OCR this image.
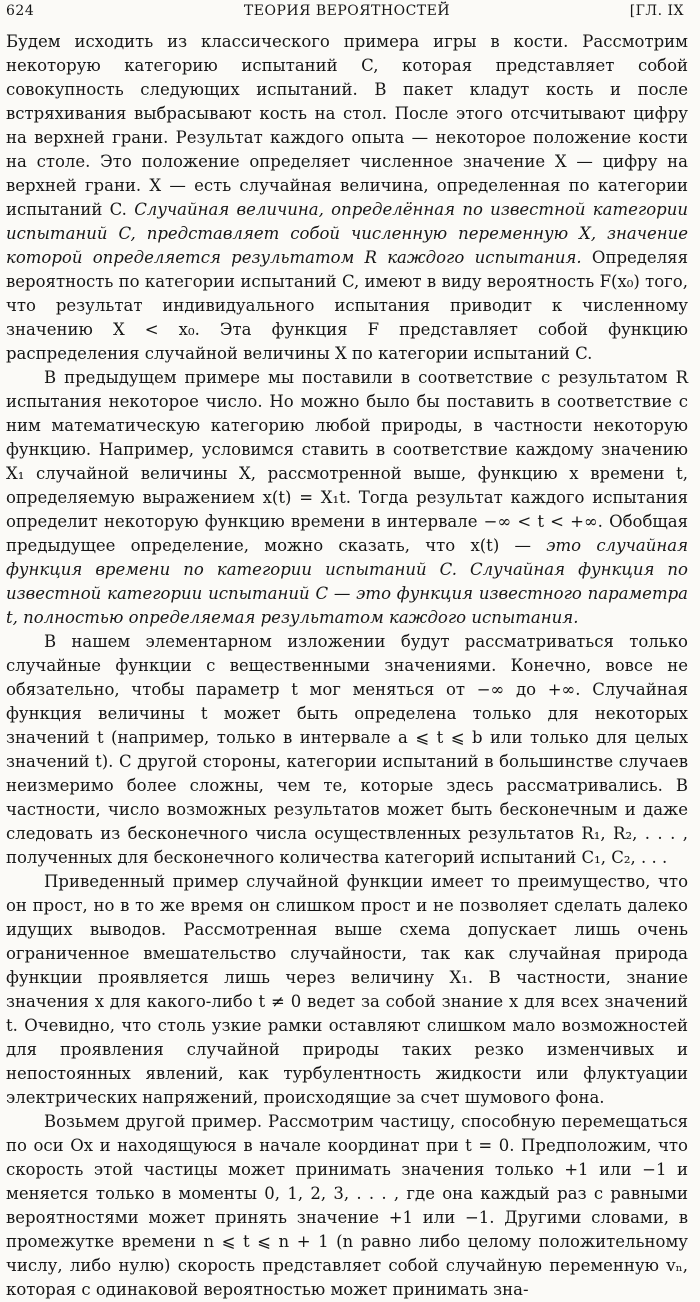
624	ТЕОРИЯ ВЕРОЯТНОСТЕЙ	[ГЛ. IX

Будем исходить из классического примера игры в кости. Рассмотрим некоторую категорию испытаний C, которая представляет собой совокупность следующих испытаний. В пакет кладут кость и после встряхивания выбрасывают кость на стол. После этого отсчитывают цифру на верхней грани. Результат каждого опыта — некоторое положение кости на столе. Это положение определяет численное значение X — цифру на верхней грани. X — есть случайная величина, определенная по категории испытаний C. Случайная величина, определённая по известной категории испытаний C, представляет собой численную переменную X, значение которой определяется результатом R каждого испытания. Определяя вероятность по категории испытаний C, имеют в виду вероятность F(x₀) того, что результат индивидуального испытания приводит к численному значению X < x₀. Эта функция F представляет собой функцию распределения случайной величины X по категории испытаний C.

В предыдущем примере мы поставили в соответствие с результатом R испытания некоторое число. Но можно было бы поставить в соответствие с ним математическую категорию любой природы, в частности некоторую функцию. Например, условимся ставить в соответствие каждому значению X₁ случайной величины X, рассмотренной выше, функцию x времени t, определяемую выражением x(t) = X₁t. Тогда результат каждого испытания определит некоторую функцию времени в интервале −∞ < t < +∞. Обобщая предыдущее определение, можно сказать, что x(t) — это случайная функция времени по категории испытаний C. Случайная функция по известной категории испытаний C — это функция известного параметра t, полностью определяемая результатом каждого испытания.

В нашем элементарном изложении будут рассматриваться только случайные функции с вещественными значениями. Конечно, вовсе не обязательно, чтобы параметр t мог меняться от −∞ до +∞. Случайная функция величины t может быть определена только для некоторых значений t (например, только в интервале a ⩽ t ⩽ b или только для целых значений t). С другой стороны, категории испытаний в большинстве случаев неизмеримо более сложны, чем те, которые здесь рассматривались. В частности, число возможных результатов может быть бесконечным и даже следовать из бесконечного числа осуществленных результатов R₁, R₂, . . . , полученных для бесконечного количества категорий испытаний C₁, C₂, . . .

Приведенный пример случайной функции имеет то преимущество, что он прост, но в то же время он слишком прост и не позволяет сделать далеко идущих выводов. Рассмотренная выше схема допускает лишь очень ограниченное вмешательство случайности, так как случайная природа функции проявляется лишь через величину X₁. В частности, знание значения x для какого-либо t ≠ 0 ведет за собой знание x для всех значений t. Очевидно, что столь узкие рамки оставляют слишком мало возможностей для проявления случайной природы таких резко изменчивых и непостоянных явлений, как турбулентность жидкости или флуктуации электрических напряжений, происходящие за счет шумового фона.

Возьмем другой пример. Рассмотрим частицу, способную перемещаться по оси Ox и находящуюся в начале координат при t = 0. Предположим, что скорость этой частицы может принимать значения только +1 или −1 и меняется только в моменты 0, 1, 2, 3, . . . , где она каждый раз с равными вероятностями может принять значение +1 или −1. Другими словами, в промежутке времени n ⩽ t ⩽ n + 1 (n равно либо целому положительному числу, либо нулю) скорость представляет собой случайную переменную vₙ, которая с одинаковой вероятностью может принимать зна-
